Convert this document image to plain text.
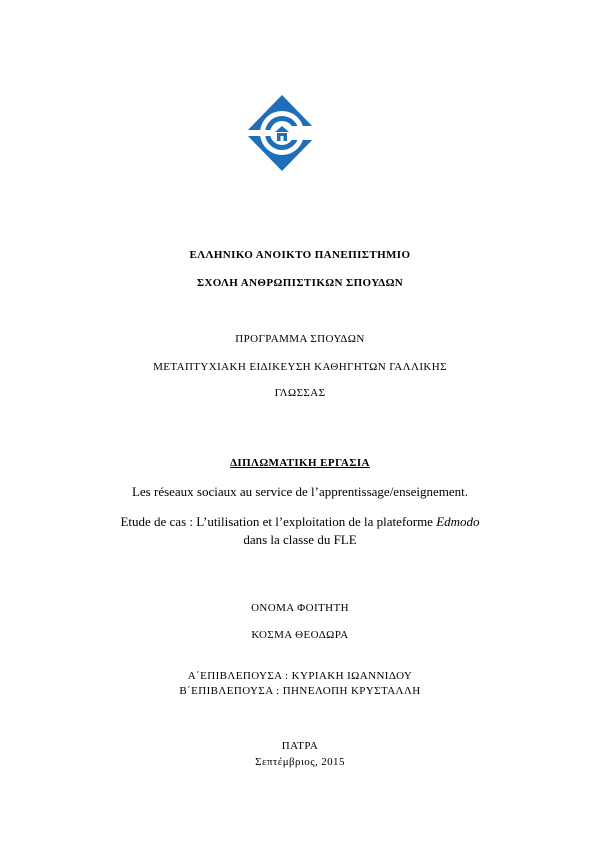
ΕΛΛΗΝΙΚΟ ΑΝΟΙΚΤΟ ΠΑΝΕΠΙΣΤΗΜΙΟ
ΣΧΟΛΗ ΑΝΘΡΩΠΙΣΤΙΚΩΝ ΣΠΟΥΔΩΝ
ΠΡΟΓΡΑΜΜΑ ΣΠΟΥΔΩΝ
ΜΕΤΑΠΤΥΧΙΑΚΗ ΕΙΔΙΚΕΥΣΗ ΚΑΘΗΓΗΤΩΝ ΓΑΛΛΙΚΗΣ
ΓΛΩΣΣΑΣ
ΔΙΠΛΩΜΑΤΙΚΗ ΕΡΓΑΣΙΑ
Les réseaux sociaux au service de l’apprentissage/enseignement.
Etude de cas : L’utilisation et l’exploitation de la plateforme Edmodo
dans la classe du FLE
ΟΝΟΜΑ ΦΟΙΤΗΤΗ
ΚΟΣΜΑ ΘΕΟΔΩΡΑ
Α΄ΕΠΙΒΛΕΠΟΥΣΑ : ΚΥΡΙΑΚΗ ΙΩΑΝΝΙΔΟΥ
Β΄ΕΠΙΒΛΕΠΟΥΣΑ : ΠΗΝΕΛΟΠΗ ΚΡΥΣΤΑΛΛΗ
ΠΑΤΡΑ
Σεπτέμβριος, 2015
